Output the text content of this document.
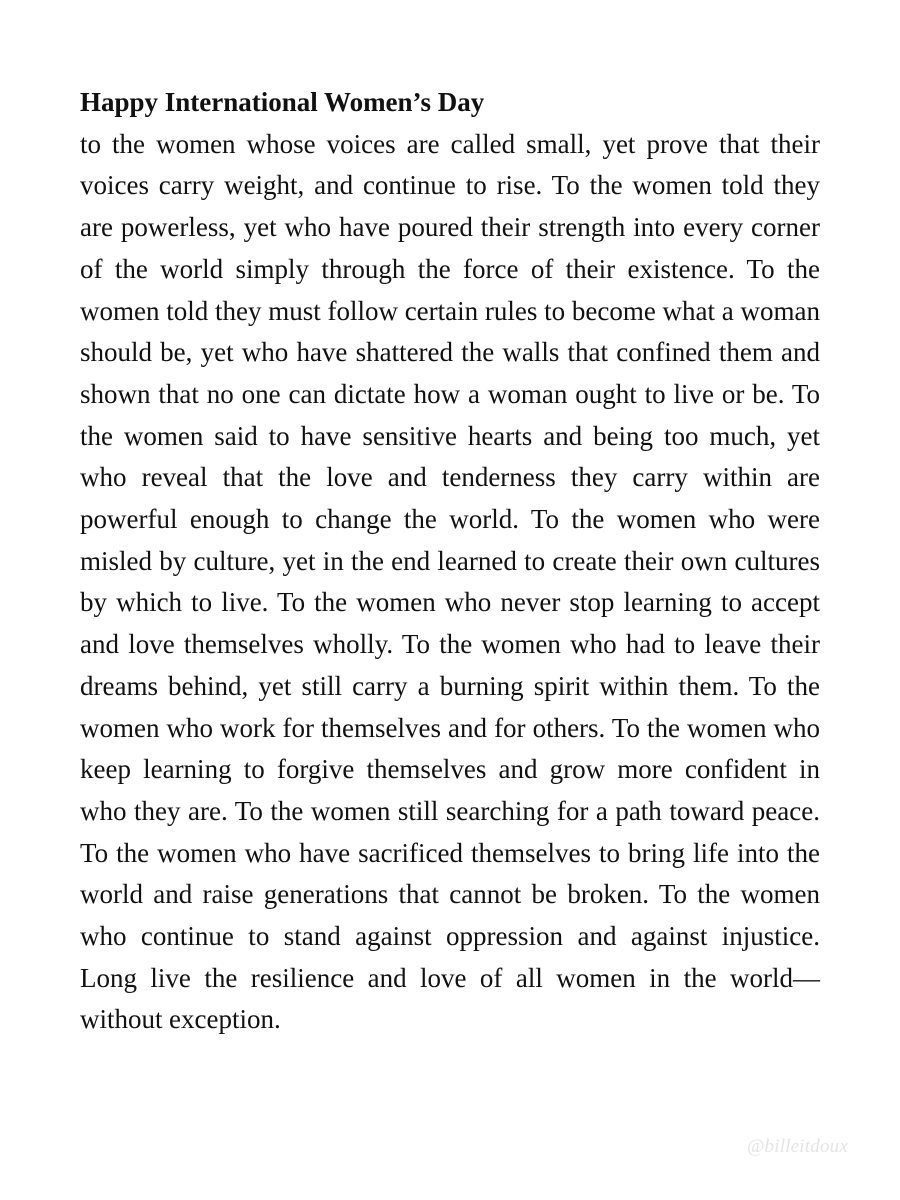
Happy International Women’s Day

to the women whose voices are called small, yet prove that their voices carry weight, and continue to rise. To the women told they are powerless, yet who have poured their strength into every corner of the world simply through the force of their existence. To the women told they must follow certain rules to become what a woman should be, yet who have shattered the walls that confined them and shown that no one can dictate how a woman ought to live or be. To the women said to have sensitive hearts and being too much, yet who reveal that the love and tenderness they carry within are powerful enough to change the world. To the women who were misled by culture, yet in the end learned to create their own cultures by which to live. To the women who never stop learning to accept and love themselves wholly. To the women who had to leave their dreams behind, yet still carry a burning spirit within them. To the women who work for themselves and for others. To the women who keep learning to forgive themselves and grow more confident in who they are. To the women still searching for a path toward peace. To the women who have sacrificed themselves to bring life into the world and raise generations that cannot be broken. To the women who continue to stand against oppression and against injustice. Long live the resilience and love of all women in the world—without exception.

@billeitdoux
